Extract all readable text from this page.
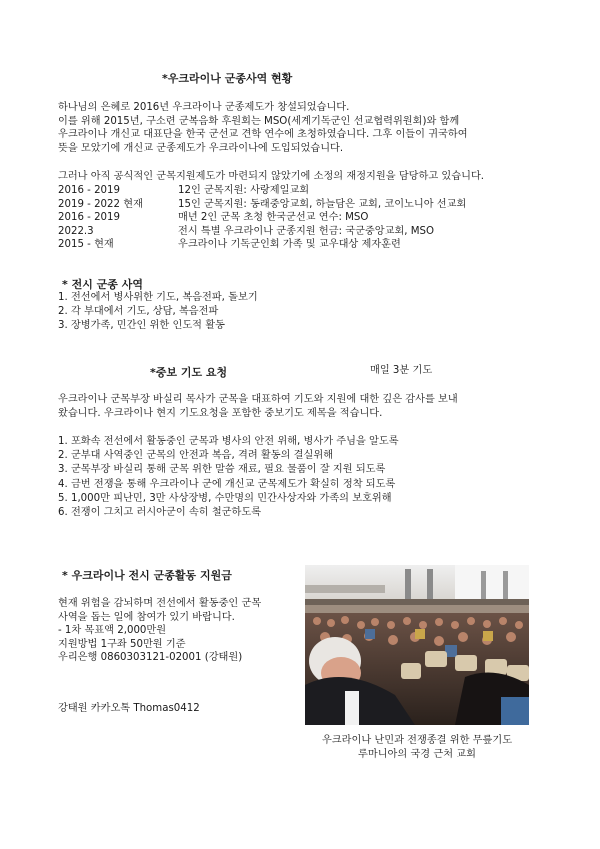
*우크라이나 군종사역 현황
하나님의 은혜로 2016년 우크라이나 군종제도가 창설되었습니다.
이를 위해 2015년, 구소련 군복음화 후원회는 MSO(세계기독군인 선교협력위원회)와 함께
우크라이나 개신교 대표단을 한국 군선교 견학 연수에 초청하였습니다. 그후 이들이 귀국하여
뜻을 모았기에 개신교 군종제도가 우크라이나에 도입되었습니다.
그러나 아직 공식적인 군목지원제도가 마련되지 않았기에 소정의 재정지원을 담당하고 있습니다.
2016 - 2019	12인 군목지원: 사랑제일교회
2019 - 2022 현재	15인 군목지원: 동래중앙교회, 하늘담은 교회, 코이노니아 선교회
2016 - 2019	매년 2인 군목 초청 한국군선교 연수: MSO
2022.3	전시 특별 우크라이나 군종지원 헌금: 국군중앙교회, MSO
2015 - 현재	우크라이나 기독군인회 가족 및 교우대상 제자훈련
* 전시 군종 사역
1. 전선에서 병사위한 기도, 복음전파, 돌보기
2. 각 부대에서 기도, 상담, 복음전파
3. 장병가족, 민간인 위한 인도적 활동
*중보 기도 요청	매일 3분 기도
우크라이나 군목부장 바실리 목사가 군목을 대표하여 기도와 지원에 대한 깊은 감사를 보내
왔습니다. 우크라이나 현지 기도요청을 포함한 중보기도 제목을 적습니다.
1. 포화속 전선에서 활동중인 군목과 병사의 안전 위해, 병사가 주님을 알도록
2. 군부대 사역중인 군목의 안전과 복음, 격려 활동의 결실위해
3. 군목부장 바실리 통해 군목 위한 말씀 재료, 필요 물품이 잘 지원 되도록
4. 금번 전쟁을 통해 우크라이나 군에 개신교 군목제도가 확실히 정착 되도록
5. 1,000만 피난민, 3만 사상장병, 수만명의 민간사상자와 가족의 보호위해
6. 전쟁이 그치고 러시아군이 속히 철군하도록
* 우크라이나 전시 군종활동 지원금
현재 위험을 감뇌하며 전선에서 활동중인 군목
사역을 돕는 일에 참여가 있기 바랍니다.
- 1차 목표액 2,000만원
지원방법 1구좌 50만원 기준
우리은행 0860303121-02001 (강태원)
강태원 카카오톡 Thomas0412
우크라이나 난민과 전쟁종결 위한 무릎기도
루마니아의 국경 근처 교회
